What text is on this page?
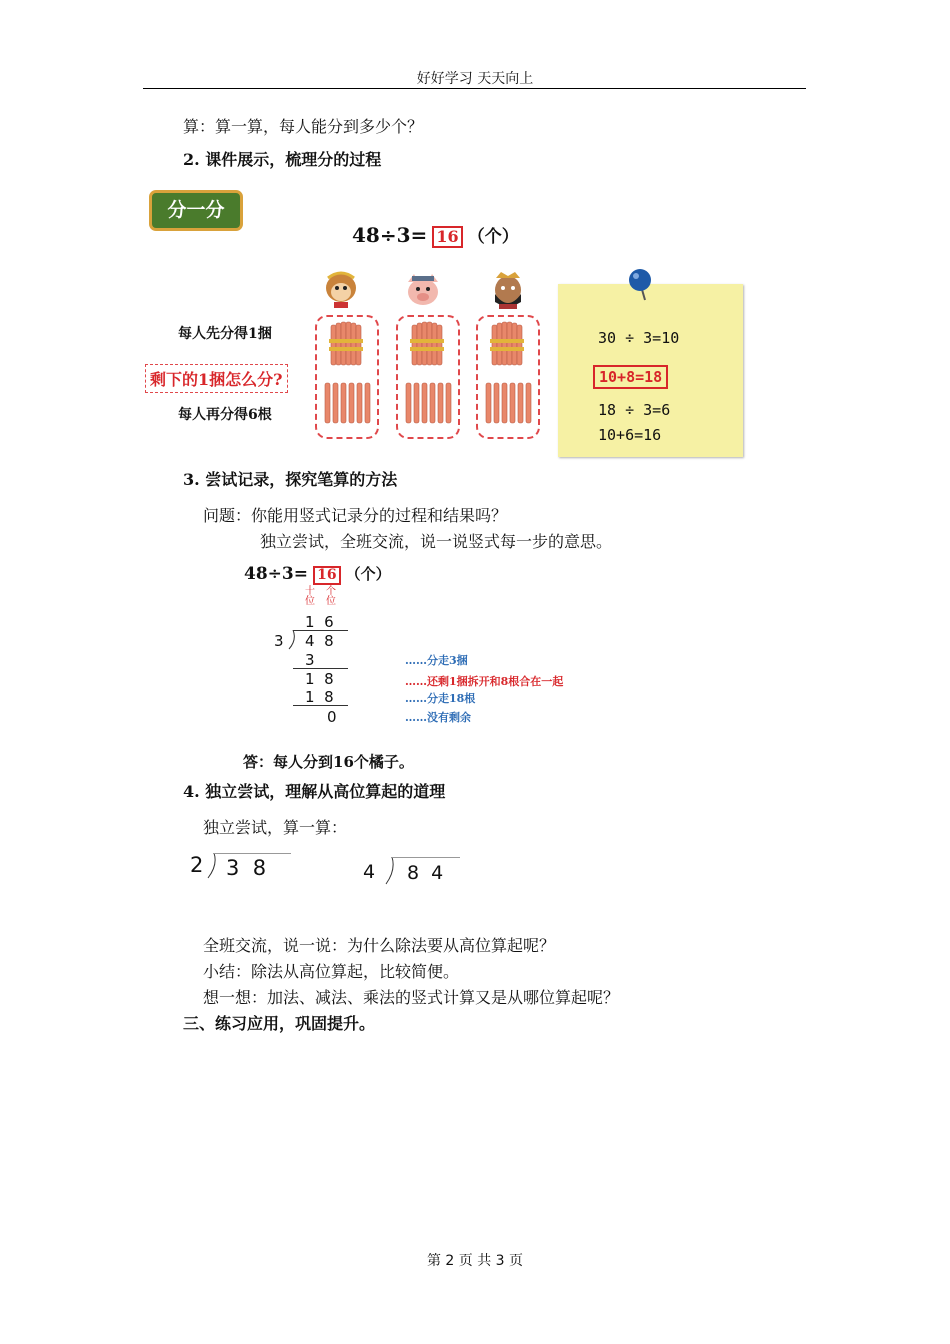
好好学习 天天向上
算：算一算，每人能分到多少个？
2. 课件展示，梳理分的过程
分一分
48÷3= 16 （个）
每人先分得1捆
剩下的1捆怎么分?
每人再分得6根
30 ÷ 3=10
10+8=18
18 ÷ 3=6
10+6=16
3. 尝试记录，探究笔算的方法
问题：你能用竖式记录分的过程和结果吗？
独立尝试，全班交流，说一说竖式每一步的意思。
48÷3= 16 （个）
十位
个位
1  6
3 4  8
3
1  8
1  8
0
……分走3捆
……还剩1捆拆开和8根合在一起
……分走18根
……没有剩余
答：每人分到16个橘子。
4. 独立尝试，理解从高位算起的道理
独立尝试，算一算：
2 3  8	4 8  4
全班交流，说一说：为什么除法要从高位算起呢？
小结：除法从高位算起，比较简便。
想一想：加法、减法、乘法的竖式计算又是从哪位算起呢？
三、练习应用，巩固提升。
第 2 页 共 3 页
